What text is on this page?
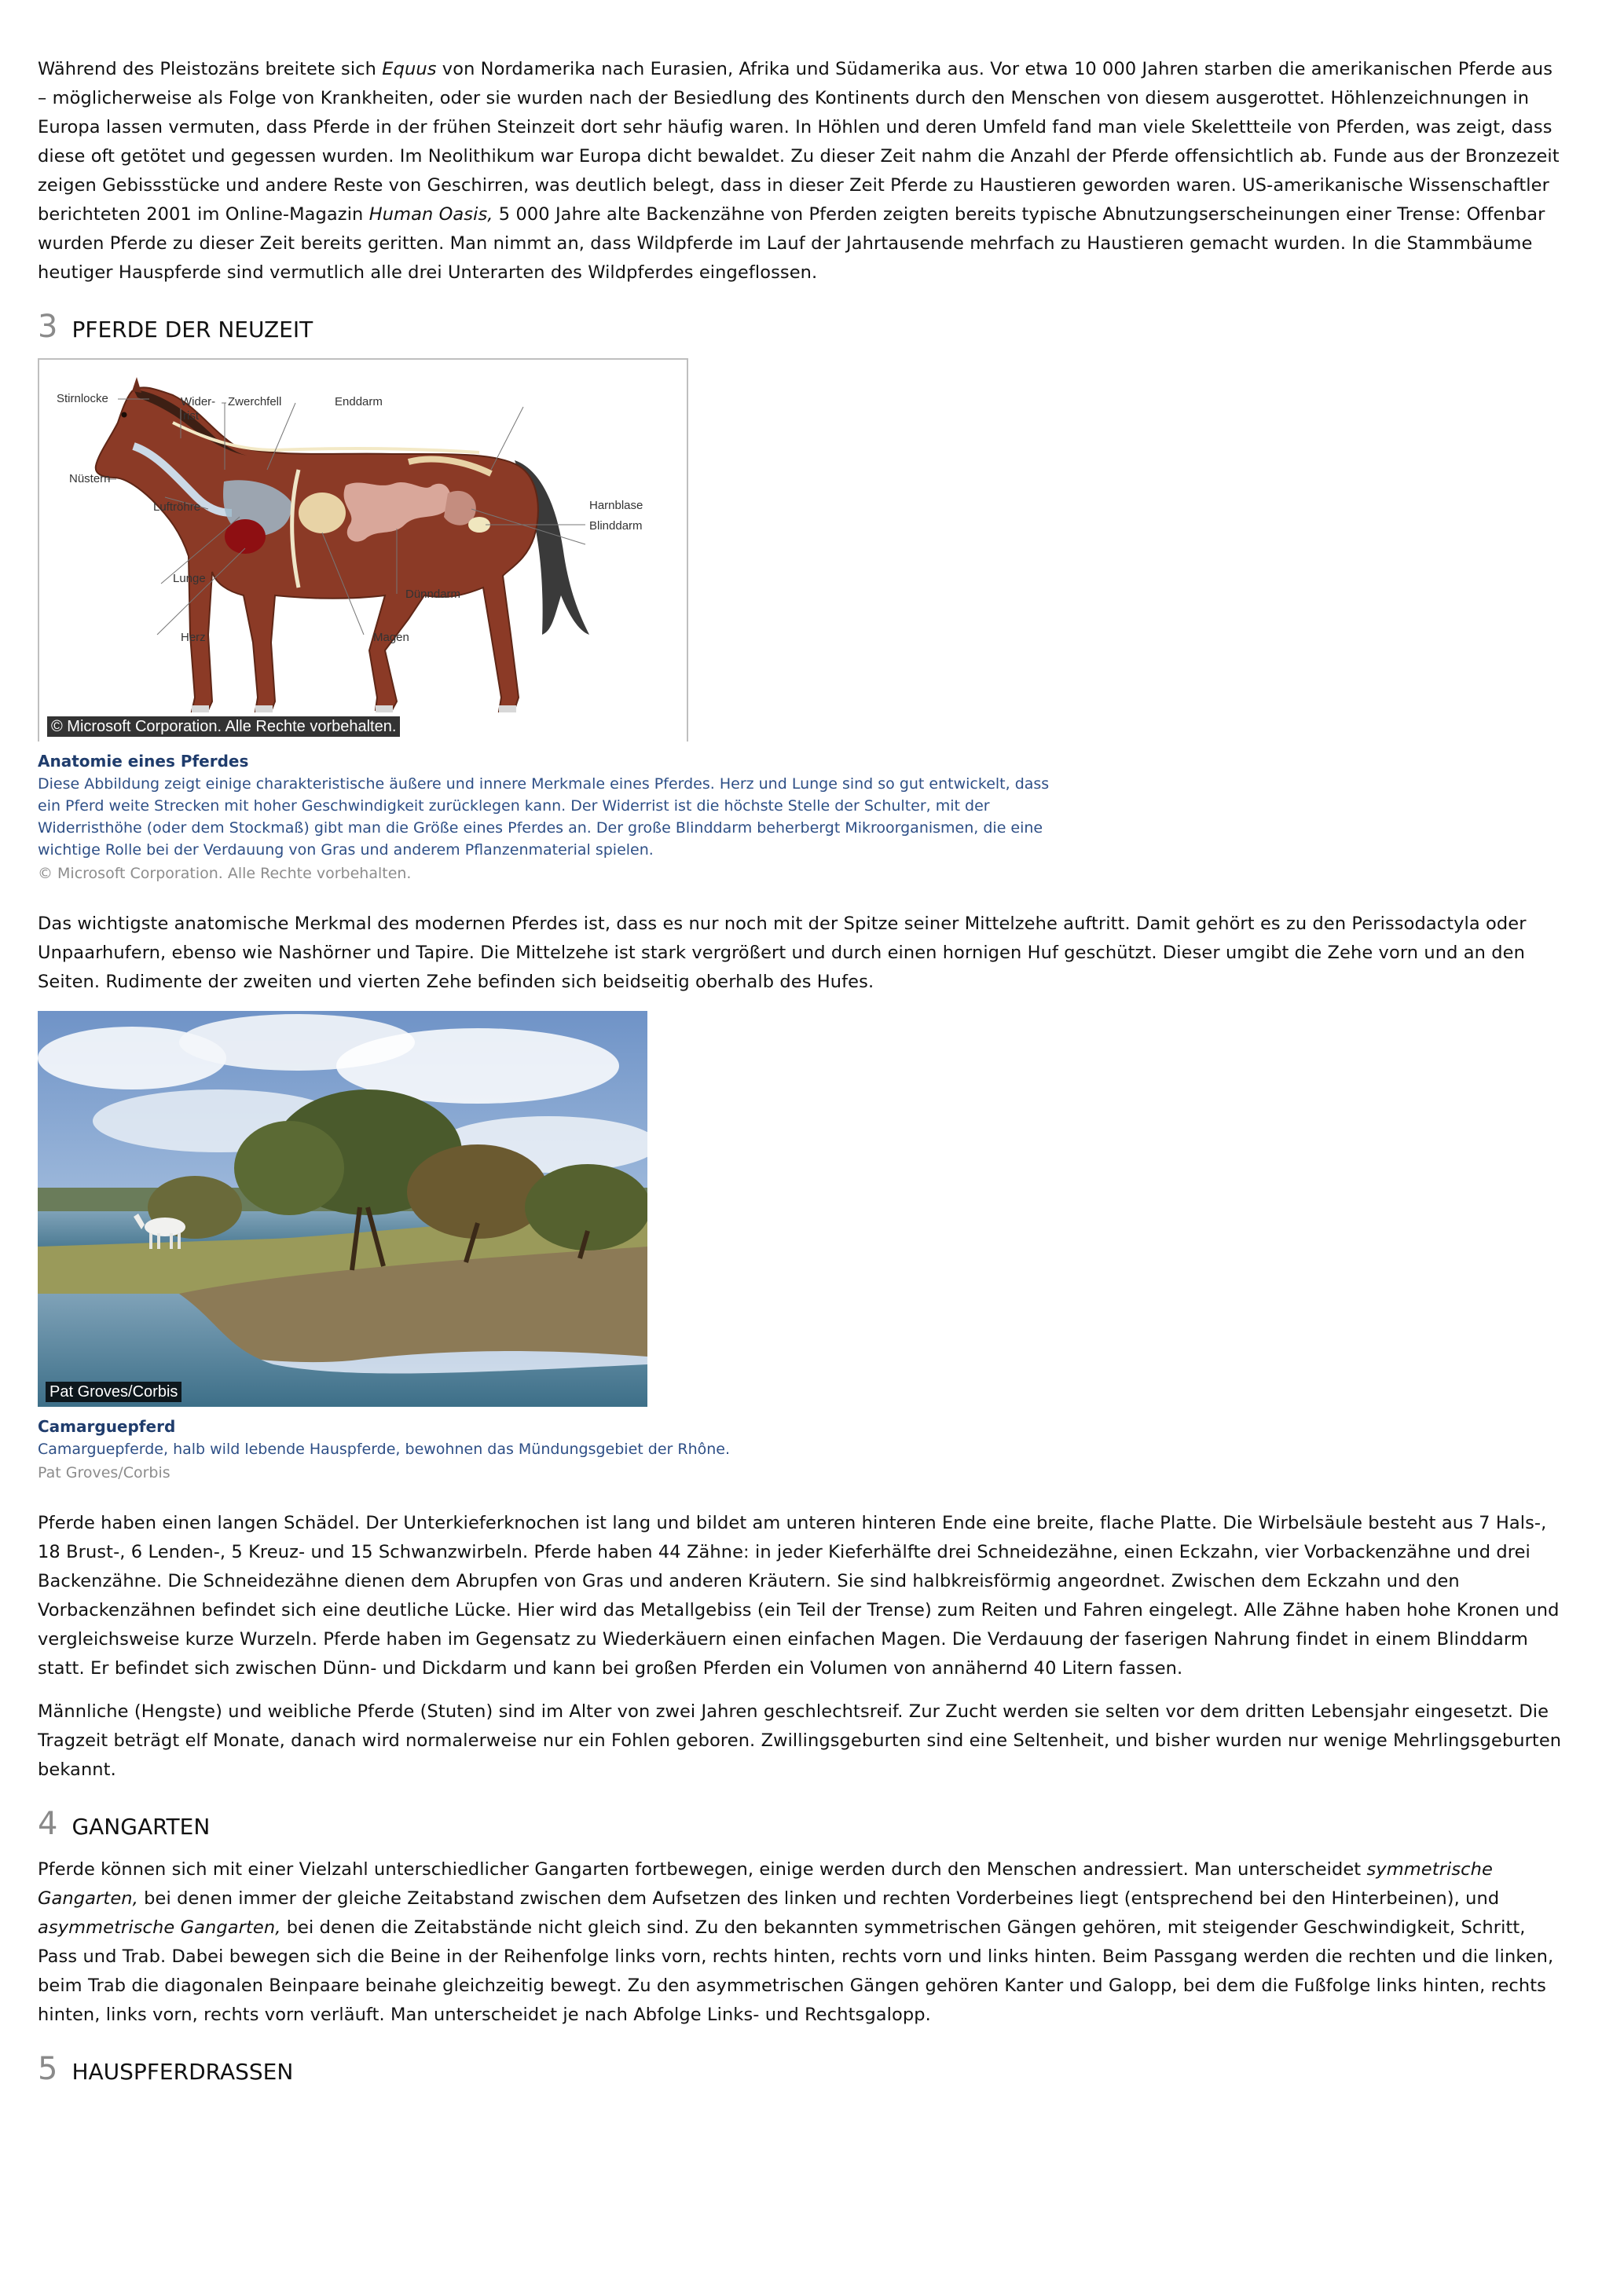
Während des Pleistozäns breitete sich Equus von Nordamerika nach Eurasien, Afrika und Südamerika aus. Vor etwa 10 000 Jahren starben die amerikanischen Pferde aus – möglicherweise als Folge von Krankheiten, oder sie wurden nach der Besiedlung des Kontinents durch den Menschen von diesem ausgerottet. Höhlenzeichnungen in Europa lassen vermuten, dass Pferde in der frühen Steinzeit dort sehr häufig waren. In Höhlen und deren Umfeld fand man viele Skelettteile von Pferden, was zeigt, dass diese oft getötet und gegessen wurden. Im Neolithikum war Europa dicht bewaldet. Zu dieser Zeit nahm die Anzahl der Pferde offensichtlich ab. Funde aus der Bronzezeit zeigen Gebissstücke und andere Reste von Geschirren, was deutlich belegt, dass in dieser Zeit Pferde zu Haustieren geworden waren. US-amerikanische Wissenschaftler berichteten 2001 im Online-Magazin Human Oasis, 5 000 Jahre alte Backenzähne von Pferden zeigten bereits typische Abnutzungserscheinungen einer Trense: Offenbar wurden Pferde zu dieser Zeit bereits geritten. Man nimmt an, dass Wildpferde im Lauf der Jahrtausende mehrfach zu Haustieren gemacht wurden. In die Stammbäume heutiger Hauspferde sind vermutlich alle drei Unterarten des Wildpferdes eingeflossen.

3 PFERDE DER NEUZEIT
Stirnlocke	Wider-
rist
Zwerchfell	Enddarm
Nüstern
Luftröhre	Harnblase
Blinddarm
Lunge
Dünndarm
Herz	Magen
© Microsoft Corporation. Alle Rechte vorbehalten.
Anatomie eines Pferdes
Diese Abbildung zeigt einige charakteristische äußere und innere Merkmale eines Pferdes. Herz und Lunge sind so gut entwickelt, dass ein Pferd weite Strecken mit hoher Geschwindigkeit zurücklegen kann. Der Widerrist ist die höchste Stelle der Schulter, mit der Widerristhöhe (oder dem Stockmaß) gibt man die Größe eines Pferdes an. Der große Blinddarm beherbergt Mikroorganismen, die eine wichtige Rolle bei der Verdauung von Gras und anderem Pflanzenmaterial spielen.
© Microsoft Corporation. Alle Rechte vorbehalten.

Das wichtigste anatomische Merkmal des modernen Pferdes ist, dass es nur noch mit der Spitze seiner Mittelzehe auftritt. Damit gehört es zu den Perissodactyla oder Unpaarhufern, ebenso wie Nashörner und Tapire. Die Mittelzehe ist stark vergrößert und durch einen hornigen Huf geschützt. Dieser umgibt die Zehe vorn und an den Seiten. Rudimente der zweiten und vierten Zehe befinden sich beidseitig oberhalb des Hufes.

Pat Groves/Corbis
Camarguepferd
Camarguepferde, halb wild lebende Hauspferde, bewohnen das Mündungsgebiet der Rhône.
Pat Groves/Corbis

Pferde haben einen langen Schädel. Der Unterkieferknochen ist lang und bildet am unteren hinteren Ende eine breite, flache Platte. Die Wirbelsäule besteht aus 7 Hals-, 18 Brust-, 6 Lenden-, 5 Kreuz- und 15 Schwanzwirbeln. Pferde haben 44 Zähne: in jeder Kieferhälfte drei Schneidezähne, einen Eckzahn, vier Vorbackenzähne und drei Backenzähne. Die Schneidezähne dienen dem Abrupfen von Gras und anderen Kräutern. Sie sind halbkreisförmig angeordnet. Zwischen dem Eckzahn und den Vorbackenzähnen befindet sich eine deutliche Lücke. Hier wird das Metallgebiss (ein Teil der Trense) zum Reiten und Fahren eingelegt. Alle Zähne haben hohe Kronen und vergleichsweise kurze Wurzeln. Pferde haben im Gegensatz zu Wiederkäuern einen einfachen Magen. Die Verdauung der faserigen Nahrung findet in einem Blinddarm statt. Er befindet sich zwischen Dünn- und Dickdarm und kann bei großen Pferden ein Volumen von annähernd 40 Litern fassen.

Männliche (Hengste) und weibliche Pferde (Stuten) sind im Alter von zwei Jahren geschlechtsreif. Zur Zucht werden sie selten vor dem dritten Lebensjahr eingesetzt. Die Tragzeit beträgt elf Monate, danach wird normalerweise nur ein Fohlen geboren. Zwillingsgeburten sind eine Seltenheit, und bisher wurden nur wenige Mehrlingsgeburten bekannt.

4 GANGARTEN

Pferde können sich mit einer Vielzahl unterschiedlicher Gangarten fortbewegen, einige werden durch den Menschen andressiert. Man unterscheidet symmetrische Gangarten, bei denen immer der gleiche Zeitabstand zwischen dem Aufsetzen des linken und rechten Vorderbeines liegt (entsprechend bei den Hinterbeinen), und asymmetrische Gangarten, bei denen die Zeitabstände nicht gleich sind. Zu den bekannten symmetrischen Gängen gehören, mit steigender Geschwindigkeit, Schritt, Pass und Trab. Dabei bewegen sich die Beine in der Reihenfolge links vorn, rechts hinten, rechts vorn und links hinten. Beim Passgang werden die rechten und die linken, beim Trab die diagonalen Beinpaare beinahe gleichzeitig bewegt. Zu den asymmetrischen Gängen gehören Kanter und Galopp, bei dem die Fußfolge links hinten, rechts hinten, links vorn, rechts vorn verläuft. Man unterscheidet je nach Abfolge Links- und Rechtsgalopp.

5 HAUSPFERDRASSEN
